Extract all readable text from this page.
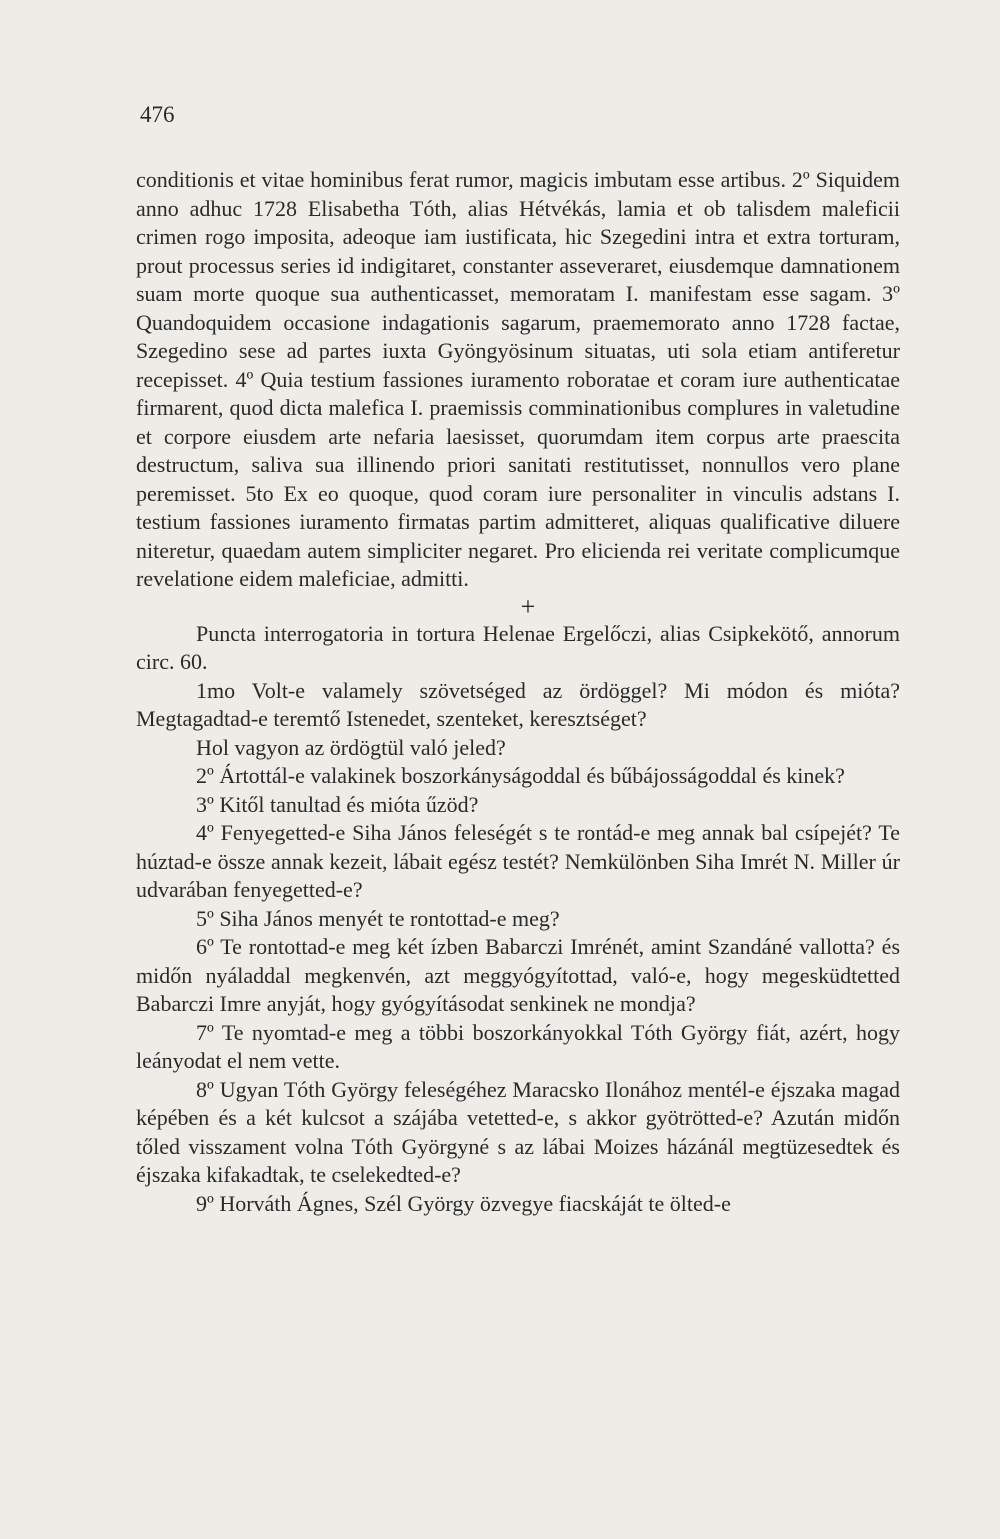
476

conditionis et vitae hominibus ferat rumor, magicis imbutam esse artibus. 2º Siquidem anno adhuc 1728 Elisabetha Tóth, alias Hétvékás, lamia et ob talisdem maleficii crimen rogo imposita, adeoque iam iustificata, hic Szegedini intra et extra torturam, prout processus series id indigitaret, constanter asseveraret, eiusdemque damnationem suam morte quoque sua authenticasset, memoratam I. manifestam esse sagam. 3º Quandoquidem occasione indagationis sagarum, praememorato anno 1728 factae, Szegedino sese ad partes iuxta Gyöngyösinum situatas, uti sola etiam antiferetur recepisset. 4º Quia testium fassiones iuramento roboratae et coram iure authenticatae firmarent, quod dicta malefica I. praemissis comminationibus complures in valetudine et corpore eiusdem arte nefaria laesisset, quorumdam item corpus arte praescita destructum, saliva sua illinendo priori sanitati restitutisset, nonnullos vero plane peremisset. 5to Ex eo quoque, quod coram iure personaliter in vinculis adstans I. testium fassiones iuramento firmatas partim admitteret, aliquas qualificative diluere niteretur, quaedam autem simpliciter negaret. Pro elicienda rei veritate complicumque revelatione eidem maleficiae, admitti.

+

Puncta interrogatoria in tortura Helenae Ergelőczi, alias Csipkekötő, annorum circ. 60.

1mo Volt-e valamely szövetséged az ördöggel? Mi módon és mióta? Megtagadtad-e teremtő Istenedet, szenteket, keresztséget?

Hol vagyon az ördögtül való jeled?

2º Ártottál-e valakinek boszorkányságoddal és bűbájosságoddal és kinek?

3º Kitől tanultad és mióta űzöd?

4º Fenyegetted-e Siha János feleségét s te rontád-e meg annak bal csípejét? Te húztad-e össze annak kezeit, lábait egész testét? Nemkülönben Siha Imrét N. Miller úr udvarában fenyegetted-e?

5º Siha János menyét te rontottad-e meg?

6º Te rontottad-e meg két ízben Babarczi Imrénét, amint Szandáné vallotta? és midőn nyáladdal megkenvén, azt meggyógyítottad, való-e, hogy megesküdtetted Babarczi Imre anyját, hogy gyógyításodat senkinek ne mondja?

7º Te nyomtad-e meg a többi boszorkányokkal Tóth György fiát, azért, hogy leányodat el nem vette.

8º Ugyan Tóth György feleségéhez Maracsko Ilonához mentél-e éjszaka magad képében és a két kulcsot a szájába vetetted-e, s akkor gyötrötted-e? Azután midőn tőled visszament volna Tóth Györgyné s az lábai Moizes házánál megtüzesedtek és éjszaka kifakadtak, te cselekedted-e?

9º Horváth Ágnes, Szél György özvegye fiacskáját te ölted-e
